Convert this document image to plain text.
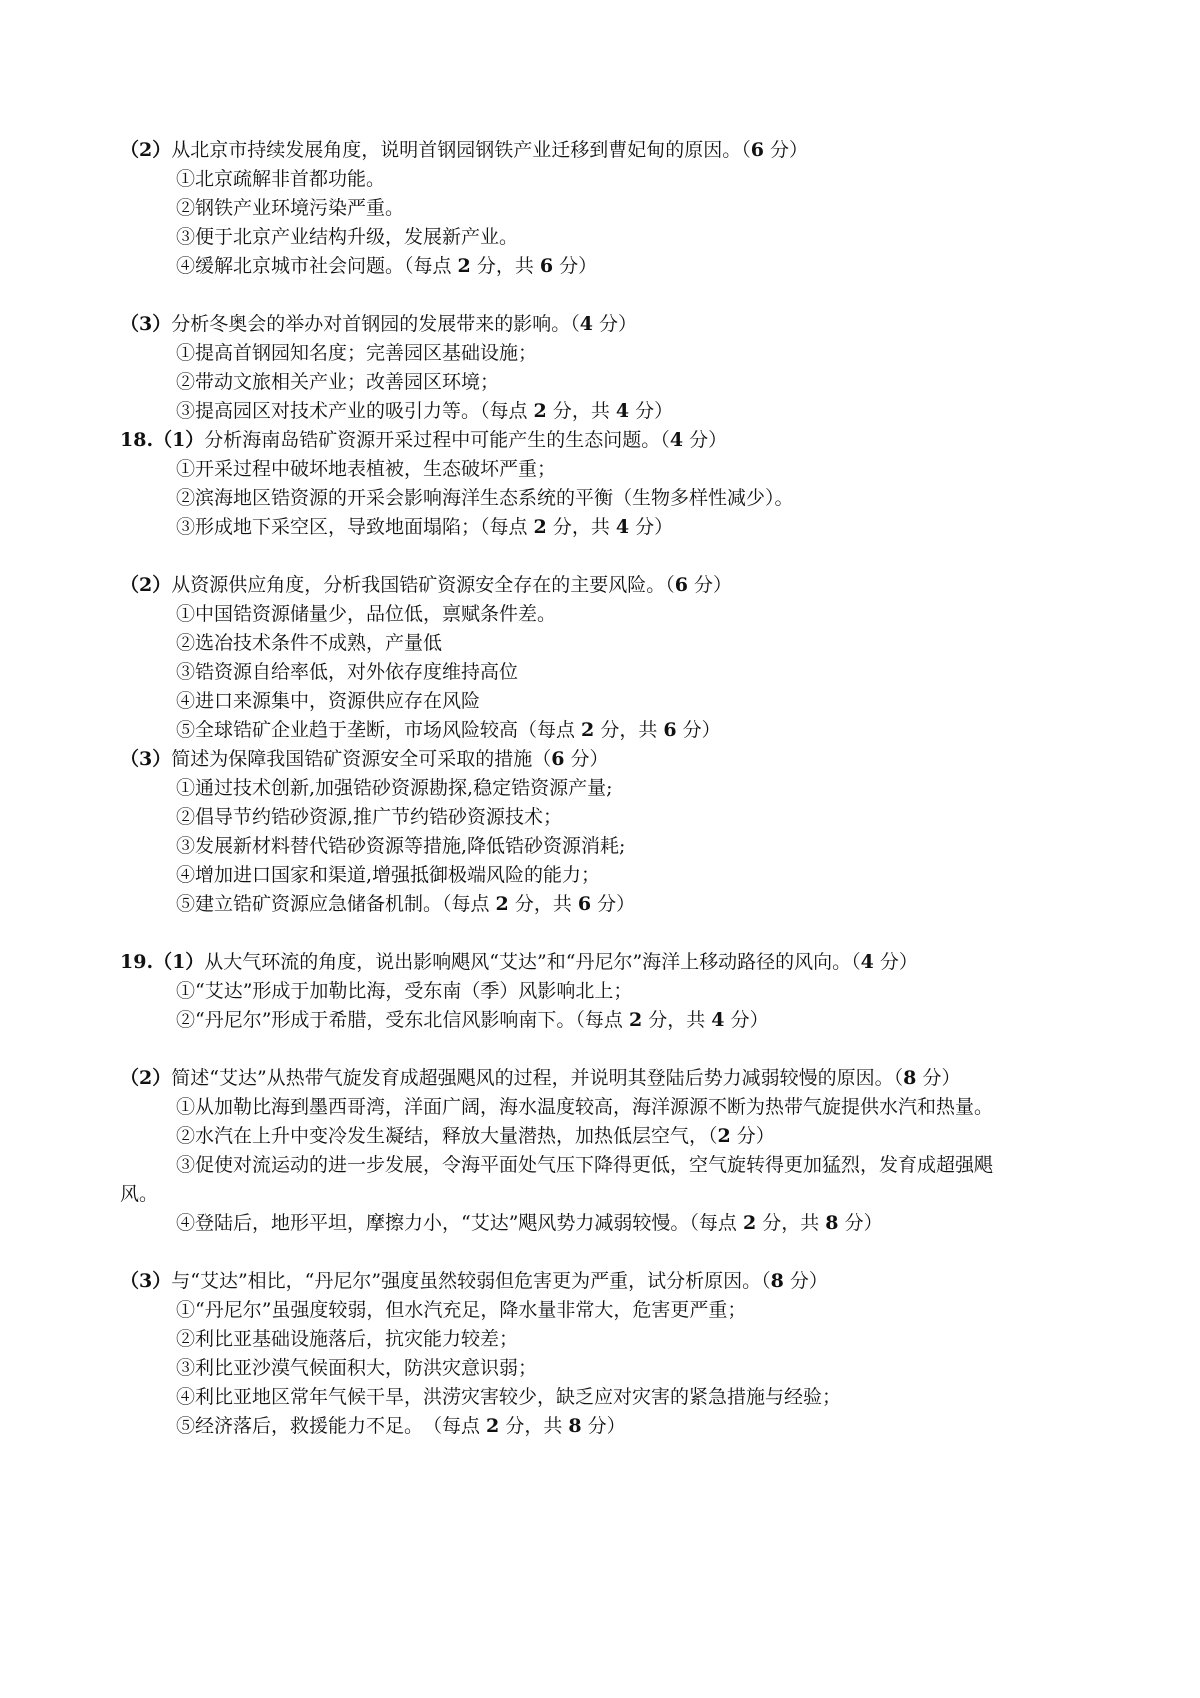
（2）从北京市持续发展角度，说明首钢园钢铁产业迁移到曹妃甸的原因。（6 分）
①北京疏解非首都功能。
②钢铁产业环境污染严重。
③便于北京产业结构升级，发展新产业。
④缓解北京城市社会问题。（每点 2 分，共 6 分）
（3）分析冬奥会的举办对首钢园的发展带来的影响。（4 分）
①提高首钢园知名度；完善园区基础设施；
②带动文旅相关产业；改善园区环境；
③提高园区对技术产业的吸引力等。（每点 2 分，共 4 分）
18.（1）分析海南岛锆矿资源开采过程中可能产生的生态问题。（4 分）
①开采过程中破坏地表植被，生态破坏严重；
②滨海地区锆资源的开采会影响海洋生态系统的平衡（生物多样性减少）。
③形成地下采空区，导致地面塌陷；（每点 2 分，共 4 分）
（2）从资源供应角度，分析我国锆矿资源安全存在的主要风险。（6 分）
①中国锆资源储量少，品位低，禀赋条件差。
②选冶技术条件不成熟，产量低
③锆资源自给率低，对外依存度维持高位
④进口来源集中，资源供应存在风险
⑤全球锆矿企业趋于垄断，市场风险较高（每点 2 分，共 6 分）
（3）简述为保障我国锆矿资源安全可采取的措施（6 分）
①通过技术创新,加强锆砂资源勘探,稳定锆资源产量;
②倡导节约锆砂资源,推广节约锆砂资源技术；
③发展新材料替代锆砂资源等措施,降低锆砂资源消耗;
④增加进口国家和渠道,增强抵御极端风险的能力；
⑤建立锆矿资源应急储备机制。（每点 2 分，共 6 分）
19.（1）从大气环流的角度，说出影响飓风“艾达”和“丹尼尔”海洋上移动路径的风向。（4 分）
①“艾达”形成于加勒比海，受东南（季）风影响北上；
②“丹尼尔”形成于希腊，受东北信风影响南下。（每点 2 分，共 4 分）
（2）简述“艾达”从热带气旋发育成超强飓风的过程，并说明其登陆后势力减弱较慢的原因。（8 分）
①从加勒比海到墨西哥湾，洋面广阔，海水温度较高，海洋源源不断为热带气旋提供水汽和热量。
②水汽在上升中变冷发生凝结，释放大量潜热，加热低层空气，（2 分）
③促使对流运动的进一步发展，令海平面处气压下降得更低，空气旋转得更加猛烈，发育成超强飓
风。
④登陆后，地形平坦，摩擦力小，“艾达”飓风势力减弱较慢。（每点 2 分，共 8 分）
（3）与“艾达”相比，“丹尼尔”强度虽然较弱但危害更为严重，试分析原因。（8 分）
①“丹尼尔”虽强度较弱，但水汽充足，降水量非常大，危害更严重；
②利比亚基础设施落后，抗灾能力较差；
③利比亚沙漠气候面积大，防洪灾意识弱；
④利比亚地区常年气候干旱，洪涝灾害较少，缺乏应对灾害的紧急措施与经验；
⑤经济落后，救援能力不足。　（每点 2 分，共 8 分）
